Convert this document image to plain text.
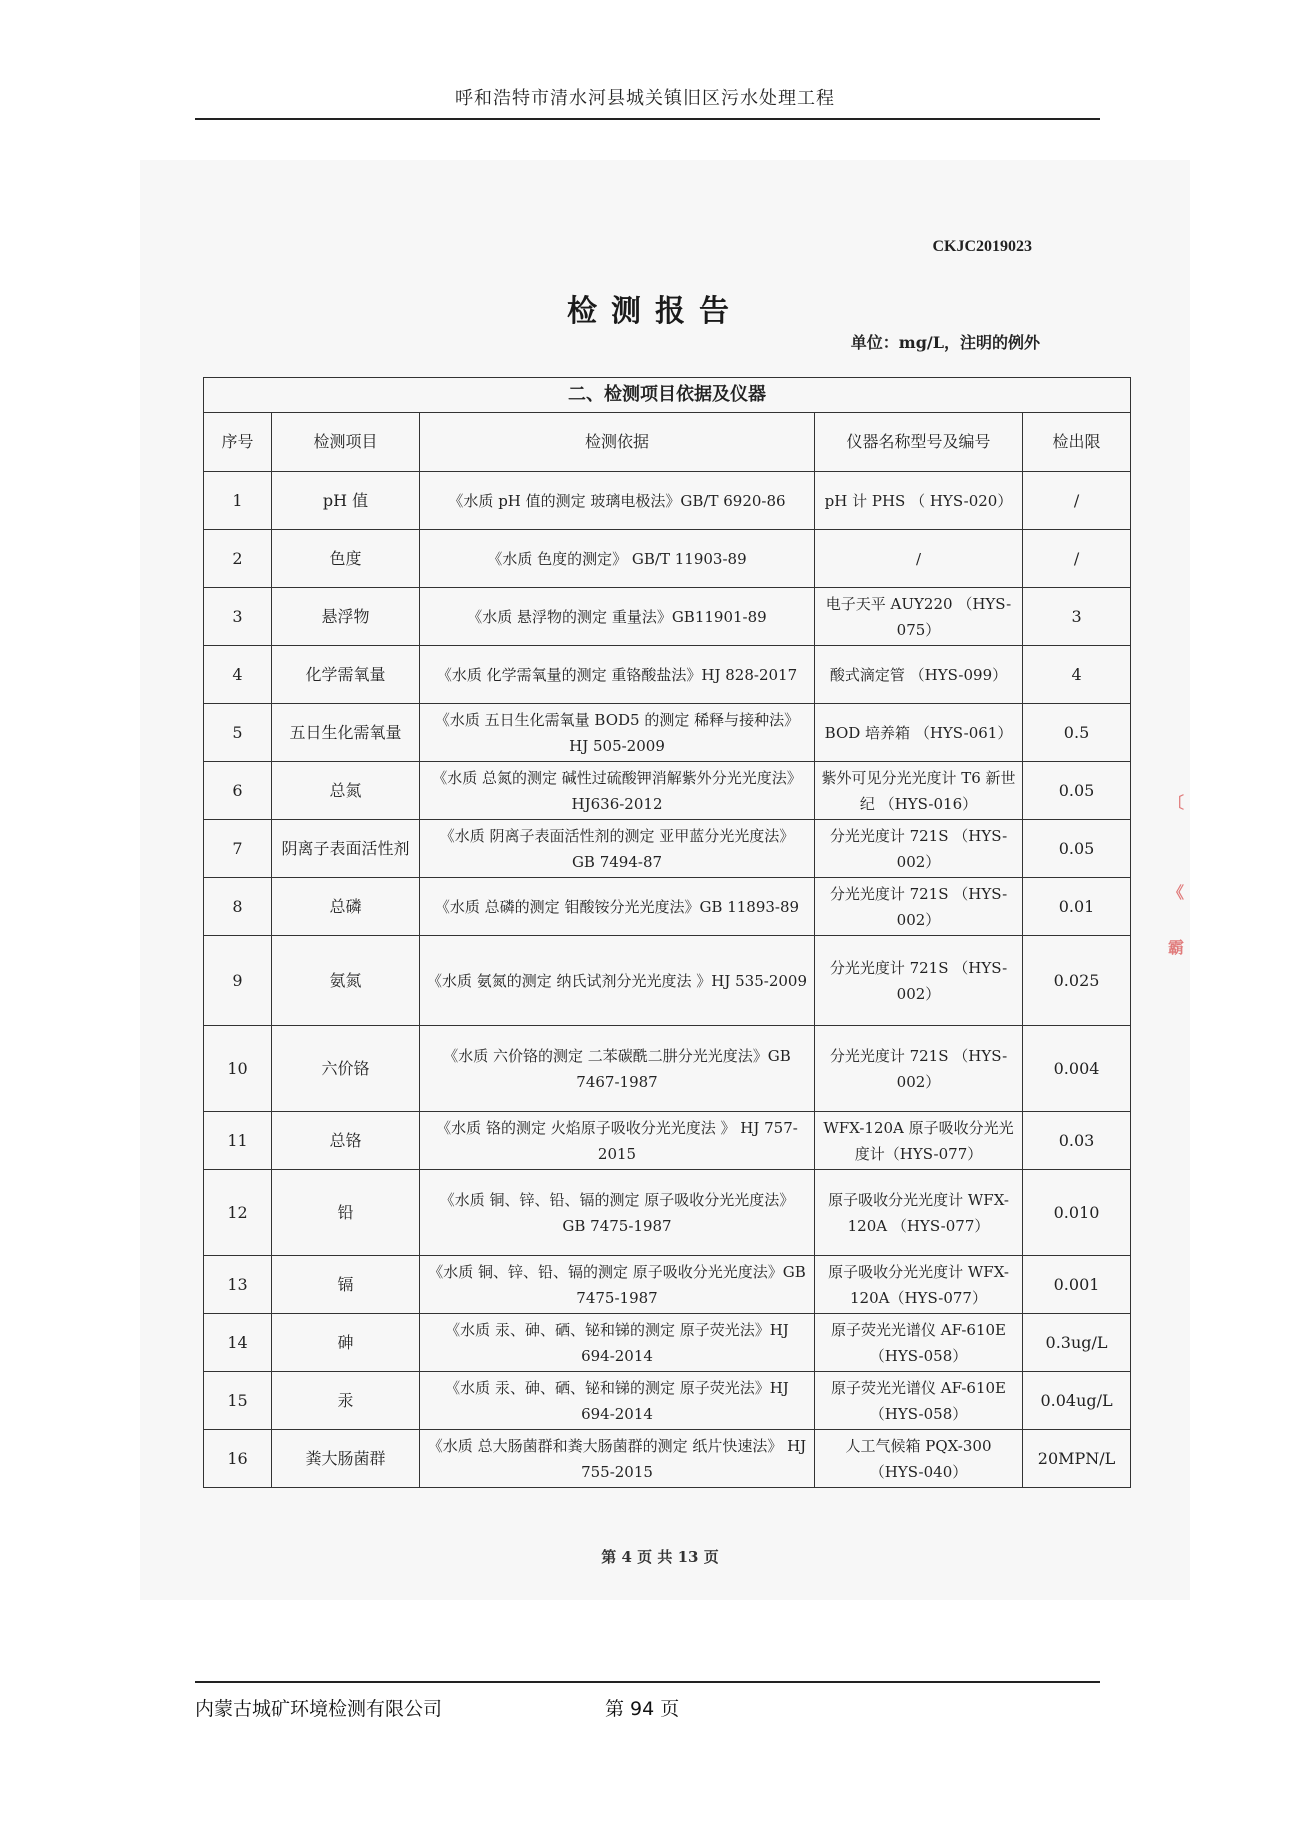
呼和浩特市清水河县城关镇旧区污水处理工程
CKJC2019023
检测报告
单位：mg/L，注明的例外
二、检测项目依据及仪器				
序号	检测项目	检测依据	仪器名称型号及编号	检出限
1	pH 值	《水质 pH 值的测定 玻璃电极法》GB/T 6920-86	pH 计 PHS （ HYS-020）	/
2	色度	《水质 色度的测定》 GB/T 11903-89	/	/
3	悬浮物	《水质 悬浮物的测定 重量法》GB11901-89	电子天平 AUY220 （HYS-075）	3
4	化学需氧量	《水质 化学需氧量的测定 重铬酸盐法》HJ 828-2017	酸式滴定管 （HYS-099）	4
5	五日生化需氧量	《水质 五日生化需氧量 BOD5 的测定 稀释与接种法》HJ 505-2009	BOD 培养箱 （HYS-061）	0.5
6	总氮	《水质 总氮的测定 碱性过硫酸钾消解紫外分光光度法》HJ636-2012	紫外可见分光光度计 T6 新世纪 （HYS-016）	0.05
7	阴离子表面活性剂	《水质 阴离子表面活性剂的测定 亚甲蓝分光光度法》 GB 7494-87	分光光度计 721S （HYS-002）	0.05
8	总磷	《水质 总磷的测定 钼酸铵分光光度法》GB 11893-89	分光光度计 721S （HYS-002）	0.01
9	氨氮	《水质 氨氮的测定 纳氏试剂分光光度法 》HJ 535-2009	分光光度计 721S （HYS-002）	0.025
10	六价铬	《水质 六价铬的测定 二苯碳酰二肼分光光度法》GB 7467-1987	分光光度计 721S （HYS-002）	0.004
11	总铬	《水质 铬的测定 火焰原子吸收分光光度法 》 HJ 757-2015	WFX-120A 原子吸收分光光度计（HYS-077）	0.03
12	铅	《水质 铜、锌、铅、镉的测定 原子吸收分光光度法》 GB 7475-1987	原子吸收分光光度计 WFX-120A （HYS-077）	0.010
13	镉	《水质 铜、锌、铅、镉的测定 原子吸收分光光度法》GB 7475-1987	原子吸收分光光度计 WFX-120A（HYS-077）	0.001
14	砷	《水质 汞、砷、硒、铋和锑的测定 原子荧光法》HJ 694-2014	原子荧光光谱仪 AF-610E（HYS-058）	0.3ug/L
15	汞	《水质 汞、砷、硒、铋和锑的测定 原子荧光法》HJ 694-2014	原子荧光光谱仪 AF-610E（HYS-058）	0.04ug/L
16	粪大肠菌群	《水质 总大肠菌群和粪大肠菌群的测定 纸片快速法》 HJ 755-2015	人工气候箱 PQX-300（HYS-040）	20MPN/L
〔
《
霸
第 4 页 共 13 页
内蒙古城矿环境检测有限公司	第 94 页
